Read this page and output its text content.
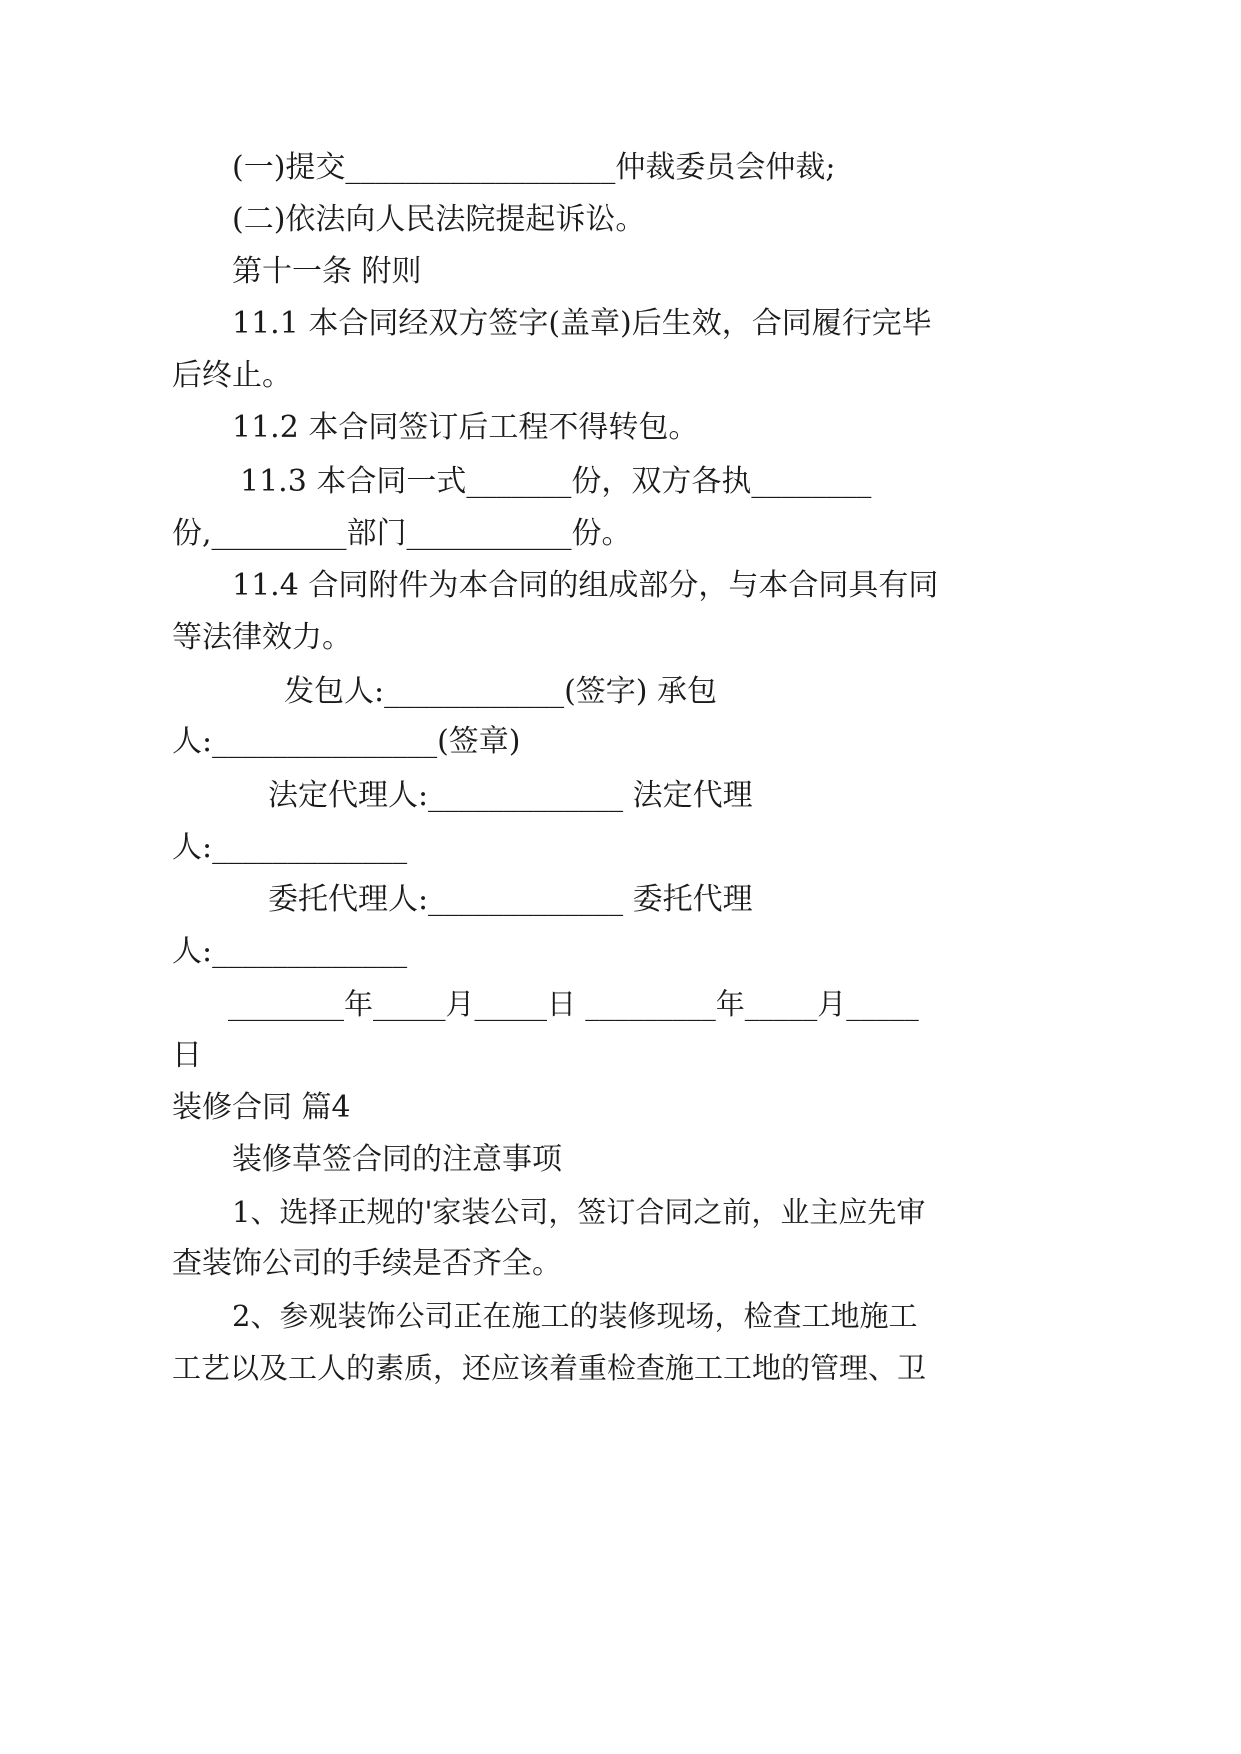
(一)提交__________________仲裁委员会仲裁;

(二)依法向人民法院提起诉讼。

第十一条 附则

11.1 本合同经双方签字(盖章)后生效，合同履行完毕

后终止。

11.2 本合同签订后工程不得转包。

11.3 本合同一式_______份，双方各执________

份,_________部门___________份。

11.4 合同附件为本合同的组成部分，与本合同具有同

等法律效力。

发包人:____________(签字) 承包

人:_______________(签章)

法定代理人:_____________ 法定代理

人:_____________

委托代理人:_____________ 委托代理

人:_____________

________年_____月_____日 _________年_____月_____

日

装修合同 篇4

装修草签合同的注意事项

1、选择正规的'家装公司，签订合同之前，业主应先审

查装饰公司的手续是否齐全。

2、参观装饰公司正在施工的装修现场，检查工地施工

工艺以及工人的素质，还应该着重检查施工工地的管理、卫
